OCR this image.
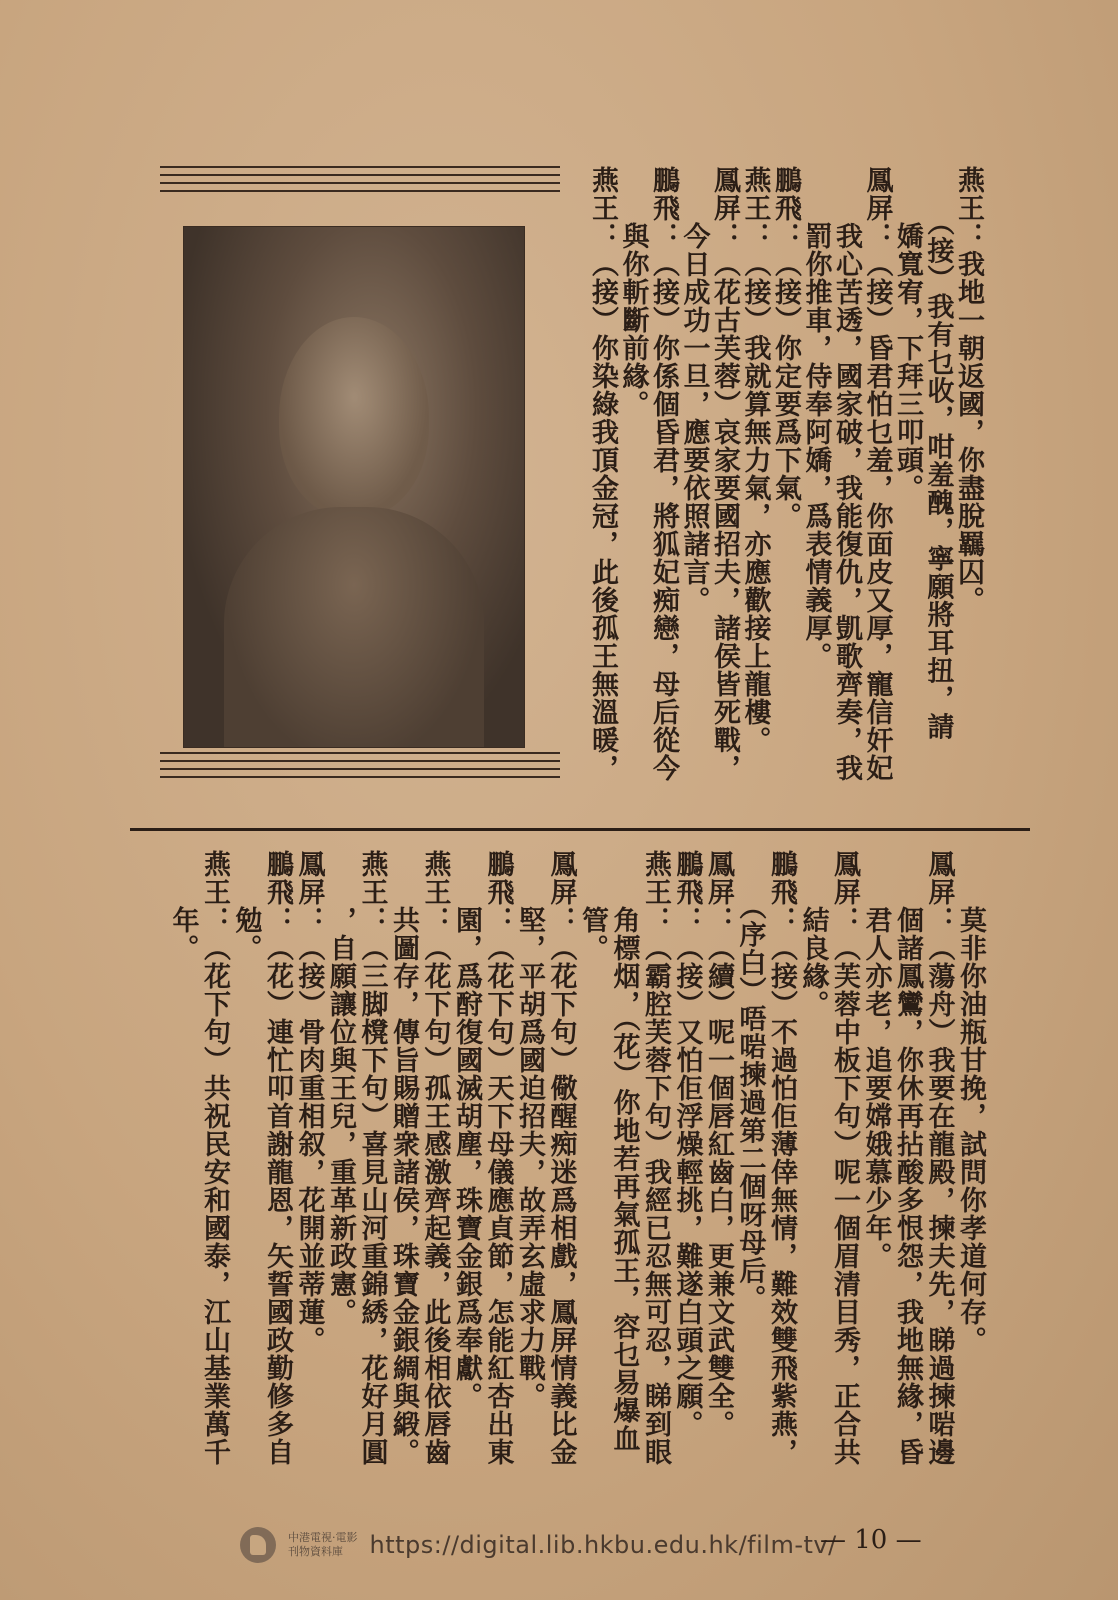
燕王：我地一朝返國，你盡脫羈囚。
　　（接）我有乜收，咁羞醜，寧願將耳扭，請
　　嬌寬宥，下拜三叩頭。
鳳屏：（接）昏君怕乜羞，你面皮又厚，寵信奸妃
　　我心苦透，國家破，我能復仇，凱歌齊奏，我
　　罰你推車，侍奉阿嬌，爲表情義厚。
鵬飛：（接）你定要爲下氣。
燕王：（接）我就算無力氣，亦應歡接上龍樓。
鳳屏：（花古芙蓉）哀家要國招夫，諸侯皆死戰，
　　今日成功一旦，應要依照諸言。
鵬飛：（接）你係個昏君，將狐妃痴戀，母后從今
　　與你斬斷前緣。
燕王：（接）你染綠我頂金冠，此後孤王無溫暖，
　　莫非你油瓶甘挽，試問你孝道何存。
鳳屏：（蕩舟）我要在龍殿，揀夫先，睇過揀啱邊
　　個諸鳳鸞，你休再拈酸多恨怨，我地無緣，昏
　　君人亦老，追要嫦娥慕少年。
鳳屏：（芙蓉中板下句）呢一個眉清目秀，正合共
　　結良緣。
鵬飛：（接）不過怕佢薄倖無情，難效雙飛紫燕，
　　（序白）唔啱揀過第二個呀母后。
鳳屏：（續）呢一個唇紅齒白，更兼文武雙全。
鵬飛：（接）又怕佢浮燥輕挑，難遂白頭之願。
燕王：（霸腔芙蓉下句）我經已忍無可忍，睇到眼
　　角標烟，（花）你地若再氣孤王，容乜易爆血
　　管。
鳳屏：（花下句）儆醒痴迷爲相戲，鳳屏情義比金
　　堅，平胡爲國迫招夫，故弄玄虛求力戰。
鵬飛：（花下句）天下母儀應貞節，怎能紅杏出東
　　園，爲酧復國滅胡塵，珠寶金銀爲奉獻。
燕王：（花下句）孤王感激齊起義，此後相依唇齒
　　共圖存，傳旨賜贈衆諸侯，珠寶金銀綢與緞。
燕王：（三脚櫈下句）喜見山河重錦綉，花好月圓
　　，自願讓位與王兒，重革新政憲。
鳳屏：（接）骨肉重相叙，花開並蒂蓮。
鵬飛：（花）連忙叩首謝龍恩，矢誓國政勤修多自
　　勉。
燕王：（花下句）共祝民安和國泰，江山基業萬千
　　年。
中港電視‧電影
刊物資料庫	https://digital.lib.hkbu.edu.hk/film-tv/
— 10 —
